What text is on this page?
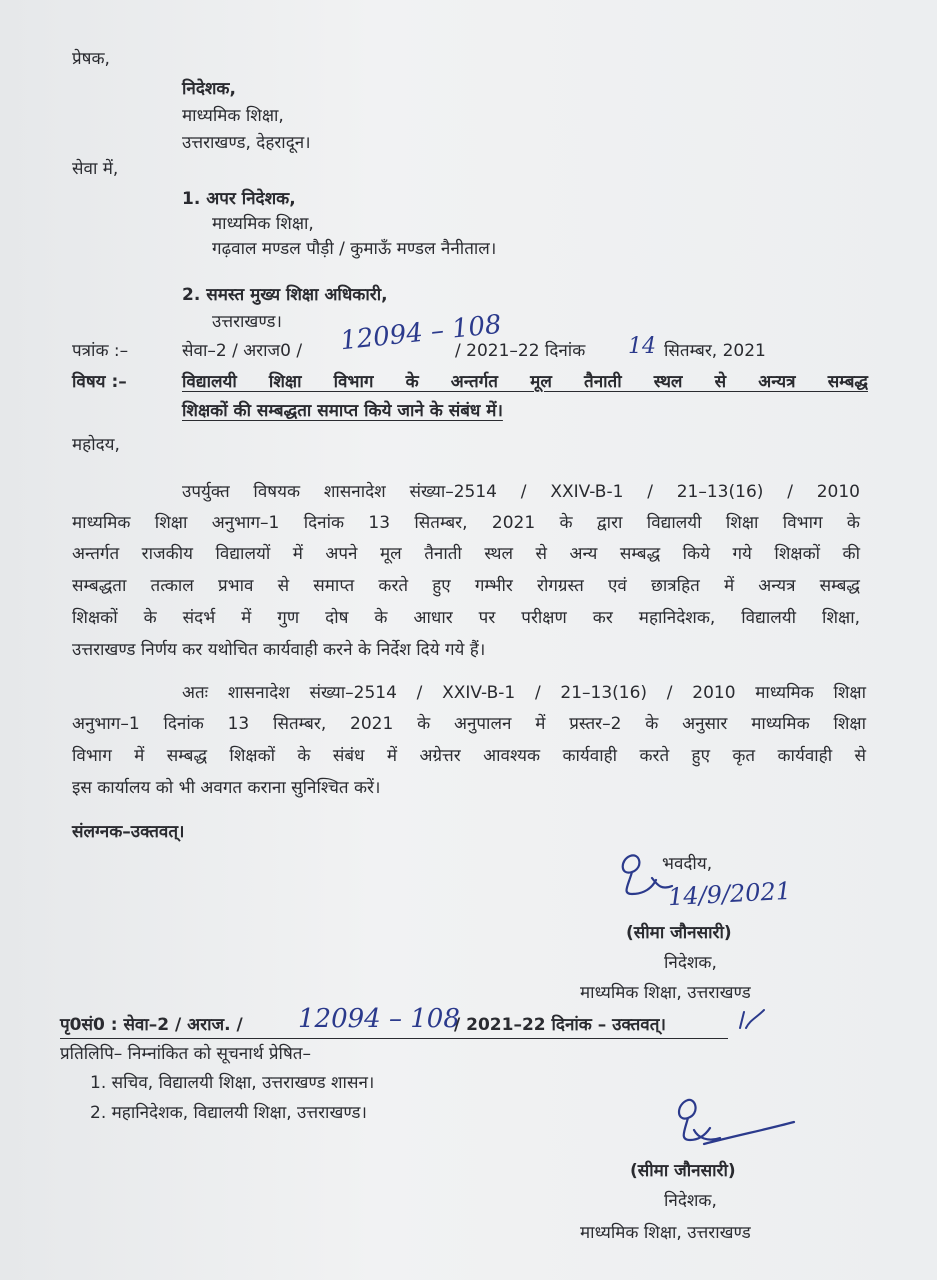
प्रेषक,
निदेशक,
माध्यमिक शिक्षा,
उत्तराखण्ड, देहरादून।
सेवा में,
1. अपर निदेशक,
माध्यमिक शिक्षा,
गढ़वाल मण्डल पौड़ी / कुमाऊँ मण्डल नैनीताल।
2. समस्त मुख्य शिक्षा अधिकारी,
उत्तराखण्ड।
पत्रांक :–	सेवा–2 / अराज0 / 12094 – 108
/ 2021–22 दिनांक 14 सितम्बर, 2021
विषय :–	विद्यालयी शिक्षा विभाग के अन्तर्गत मूल तैनाती स्थल से अन्यत्र सम्बद्ध
शिक्षकों की सम्बद्धता समाप्त किये जाने के संबंध में।
महोदय,
उपर्युक्त विषयक शासनादेश संख्या–2514 / XXIV-B-1 / 21–13(16) / 2010
माध्यमिक शिक्षा अनुभाग–1 दिनांक 13 सितम्बर, 2021 के द्वारा विद्यालयी शिक्षा विभाग के
अन्तर्गत राजकीय विद्यालयों में अपने मूल तैनाती स्थल से अन्य सम्बद्ध किये गये शिक्षकों की
सम्बद्धता तत्काल प्रभाव से समाप्त करते हुए गम्भीर रोगग्रस्त एवं छात्रहित में अन्यत्र सम्बद्ध
शिक्षकों के संदर्भ में गुण दोष के आधार पर परीक्षण कर महानिदेशक, विद्यालयी शिक्षा,
उत्तराखण्ड निर्णय कर यथोचित कार्यवाही करने के निर्देश दिये गये हैं।
अतः शासनादेश संख्या–2514 / XXIV-B-1 / 21–13(16) / 2010 माध्यमिक शिक्षा
अनुभाग–1 दिनांक 13 सितम्बर, 2021 के अनुपालन में प्रस्तर–2 के अनुसार माध्यमिक शिक्षा
विभाग में सम्बद्ध शिक्षकों के संबंध में अग्रेत्तर आवश्यक कार्यवाही करते हुए कृत कार्यवाही से
इस कार्यालय को भी अवगत कराना सुनिश्चित करें।
संलग्नक–उक्तवत्।
भवदीय,
14/9/2021
(सीमा जौनसारी)
निदेशक,
माध्यमिक शिक्षा, उत्तराखण्ड
पृ0सं0 : सेवा–2 / अराज. / 12094 – 108
/ 2021–22 दिनांक – उक्तवत्।
प्रतिलिपि– निम्नांकित को सूचनार्थ प्रेषित–
1. सचिव, विद्यालयी शिक्षा, उत्तराखण्ड शासन।
2. महानिदेशक, विद्यालयी शिक्षा, उत्तराखण्ड।
(सीमा जौनसारी)
निदेशक,
माध्यमिक शिक्षा, उत्तराखण्ड
